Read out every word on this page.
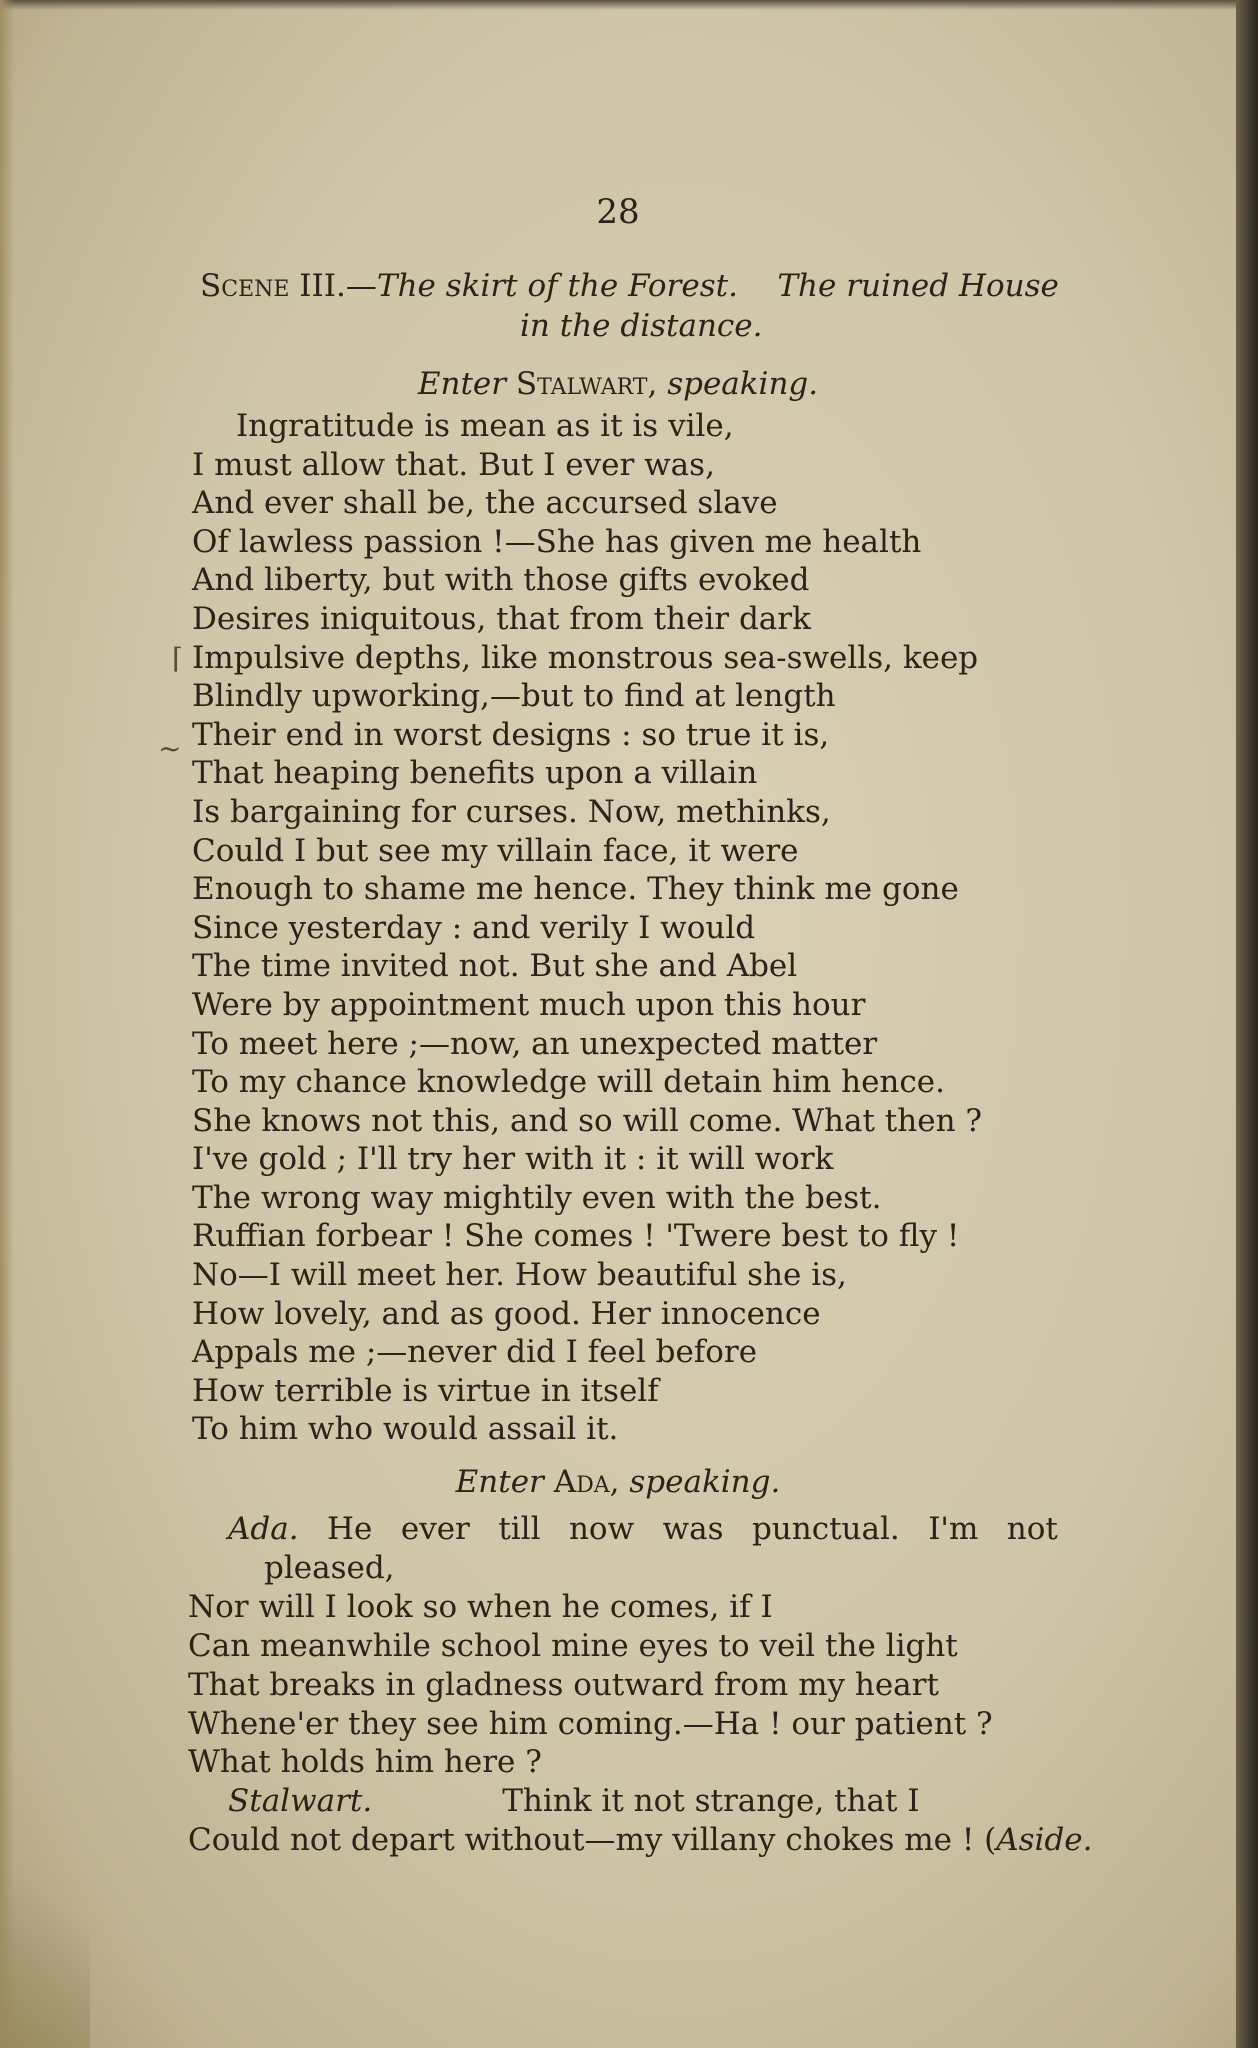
28
Scene III.—The skirt of the Forest. The ruined House
in the distance.
Enter Stalwart, speaking.
Ingratitude is mean as it is vile,
I must allow that. But I ever was,
And ever shall be, the accursed slave
Of lawless passion !—She has given me health
And liberty, but with those gifts evoked
Desires iniquitous, that from their dark
Impulsive depths, like monstrous sea-swells, keep
Blindly upworking,—but to find at length
Their end in worst designs : so true it is,
That heaping benefits upon a villain
Is bargaining for curses. Now, methinks,
Could I but see my villain face, it were
Enough to shame me hence. They think me gone
Since yesterday : and verily I would
The time invited not. But she and Abel
Were by appointment much upon this hour
To meet here ;—now, an unexpected matter
To my chance knowledge will detain him hence.
She knows not this, and so will come. What then ?
I've gold ; I'll try her with it : it will work
The wrong way mightily even with the best.
Ruffian forbear ! She comes ! 'Twere best to fly !
No—I will meet her. How beautiful she is,
How lovely, and as good. Her innocence
Appals me ;—never did I feel before
How terrible is virtue in itself
To him who would assail it.
Enter Ada, speaking.
Ada. He ever till now was punctual. I'm not
pleased,
Nor will I look so when he comes, if I
Can meanwhile school mine eyes to veil the light
That breaks in gladness outward from my heart
Whene'er they see him coming.—Ha ! our patient ?
What holds him here ?
Stalwart.	Think it not strange, that I
Could not depart without—my villany chokes me ! (Aside.
~
⌈
